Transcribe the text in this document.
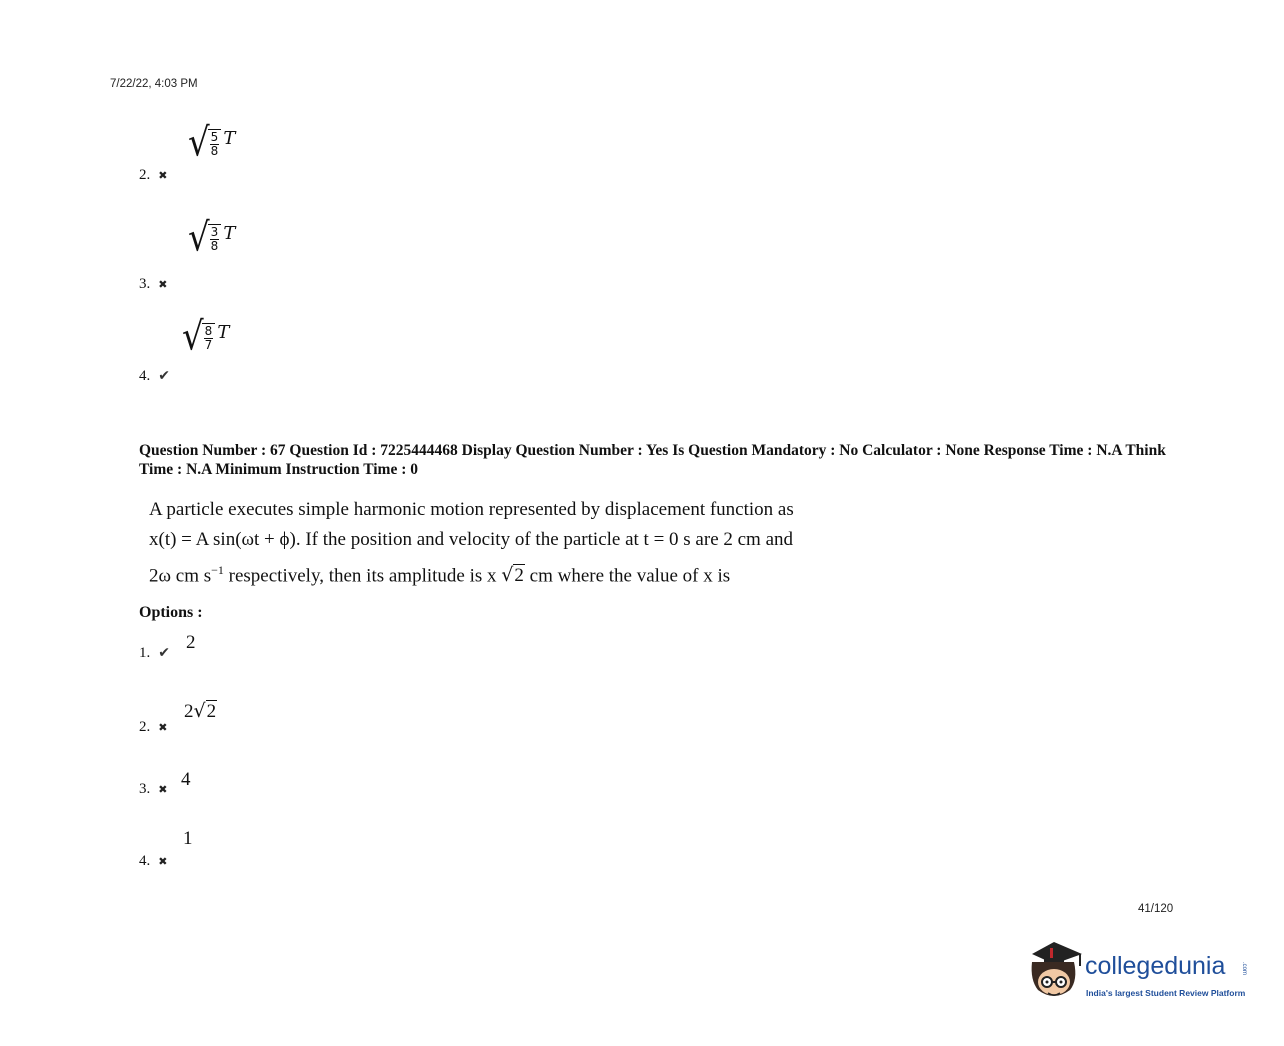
7/22/22, 4:03 PM
2. ✖
√
$\frac{5}{8}$ T
3. ✖
√
$\frac{3}{8}$ T
4. ✔
√
$\frac{8}{7}$ T
Question Number : 67 Question Id : 7225444468 Display Question Number : Yes Is Question Mandatory : No Calculator : None Response Time : N.A Think Time : N.A Minimum Instruction Time : 0
A particle executes simple harmonic motion represented by displacement function as
x(t) = A sin(ωt + ϕ). If the position and velocity of the particle at t = 0 s are 2 cm and
2ω cm $s^{-1}$ respectively, then its amplitude is x √2 cm where the value of x is
Options :
1. ✔ 2
2. ✖
2√2
3. ✖ 4
4. ✖
1
41/120
collegedunia	.com
India's largest Student Review Platform
